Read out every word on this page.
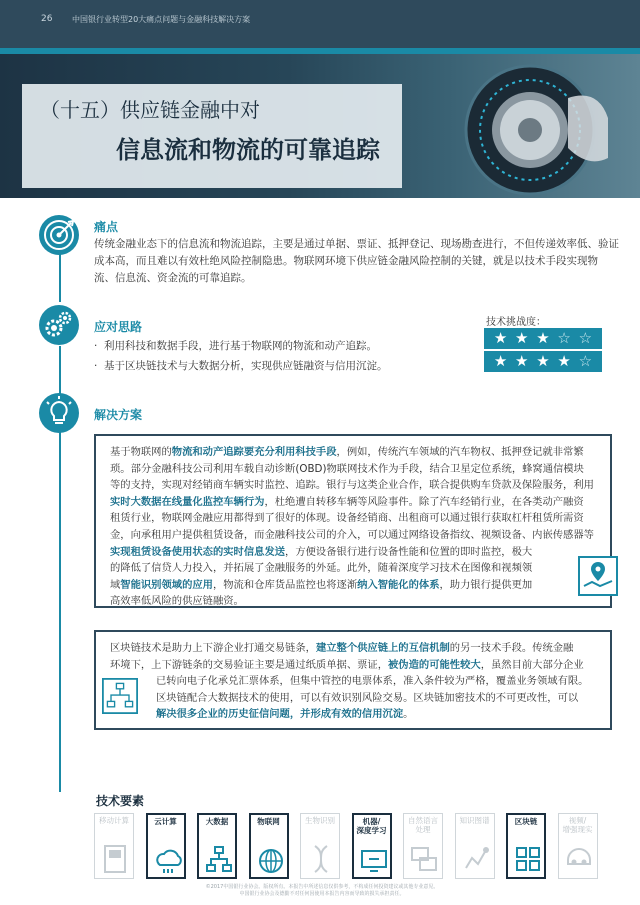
26 中国银行业转型20大痛点问题与金融科技解决方案
（十五）供应链金融中对
信息流和物流的可靠追踪
痛点
传统金融业态下的信息流和物流追踪，主要是通过单据、票证、抵押登记、现场勘查进行，不但传递效率低、验证
成本高，而且难以有效杜绝风险控制隐患。物联网环境下供应链金融风险控制的关键，就是以技术手段实现物
流、信息流、资金流的可靠追踪。
应对思路
·  利用科技和数据手段，进行基于物联网的物流和动产追踪。
·  基于区块链技术与大数据分析，实现供应链融资与信用沉淀。
技术挑战度：
★ ★ ★ ☆ ☆
★ ★ ★ ★ ☆
解决方案
基于物联网的物流和动产追踪要充分利用科技手段，例如，传统汽车领域的汽车物权、抵押登记就非常繁
琐。部分金融科技公司利用车载自动诊断(OBD)物联网技术作为手段，结合卫星定位系统，蜂窝通信模块
等的支持，实现对经销商车辆实时监控、追踪。银行与这类企业合作，联合提供购车贷款及保险服务，利用
实时大数据在线量化监控车辆行为，杜绝遭自转移车辆等风险事件。除了汽车经销行业，在各类动产融资
租赁行业，物联网金融应用都得到了很好的体现。设备经销商、出租商可以通过银行获取杠杆租赁所需资
金，向承租用户提供租赁设备，而金融科技公司的介入，可以通过网络设备指纹、视频设备、内嵌传感器等
实现租赁设备使用状态的实时信息发送，方便设备银行进行设备性能和位置的即时监控，极大
的降低了信贷人力投入，并拓展了金融服务的外延。此外，随着深度学习技术在图像和视频领
域智能识别领域的应用，物流和仓库货品监控也将逐渐纳入智能化的体系，助力银行提供更加
高效率低风险的供应链融资。
区块链技术是助力上下游企业打通交易链条，建立整个供应链上的互信机制的另一技术手段。传统金融
环境下，上下游链条的交易验证主要是通过纸质单据、票证，被伪造的可能性较大，虽然目前大部分企业
已转向电子化承兑汇票体系，但集中管控的电票体系，准入条件较为严格，覆盖业务领域有限。
区块链配合大数据技术的使用，可以有效识别风险交易。区块链加密技术的不可更改性，可以
解决很多企业的历史征信问题，并形成有效的信用沉淀。
技术要素
移动计算	云计算	大数据	物联网	生物识别	机器/
深度学习
自然语言
处理
知识图谱	区块链	视频/
增强现实
©2017中国银行业协会。版权所有。本报告中所述信息仅供参考，不构成任何投资建议或其他专业意见。
中国银行业协会及德勤不对任何因使用本报告内容而导致的损失承担责任。
